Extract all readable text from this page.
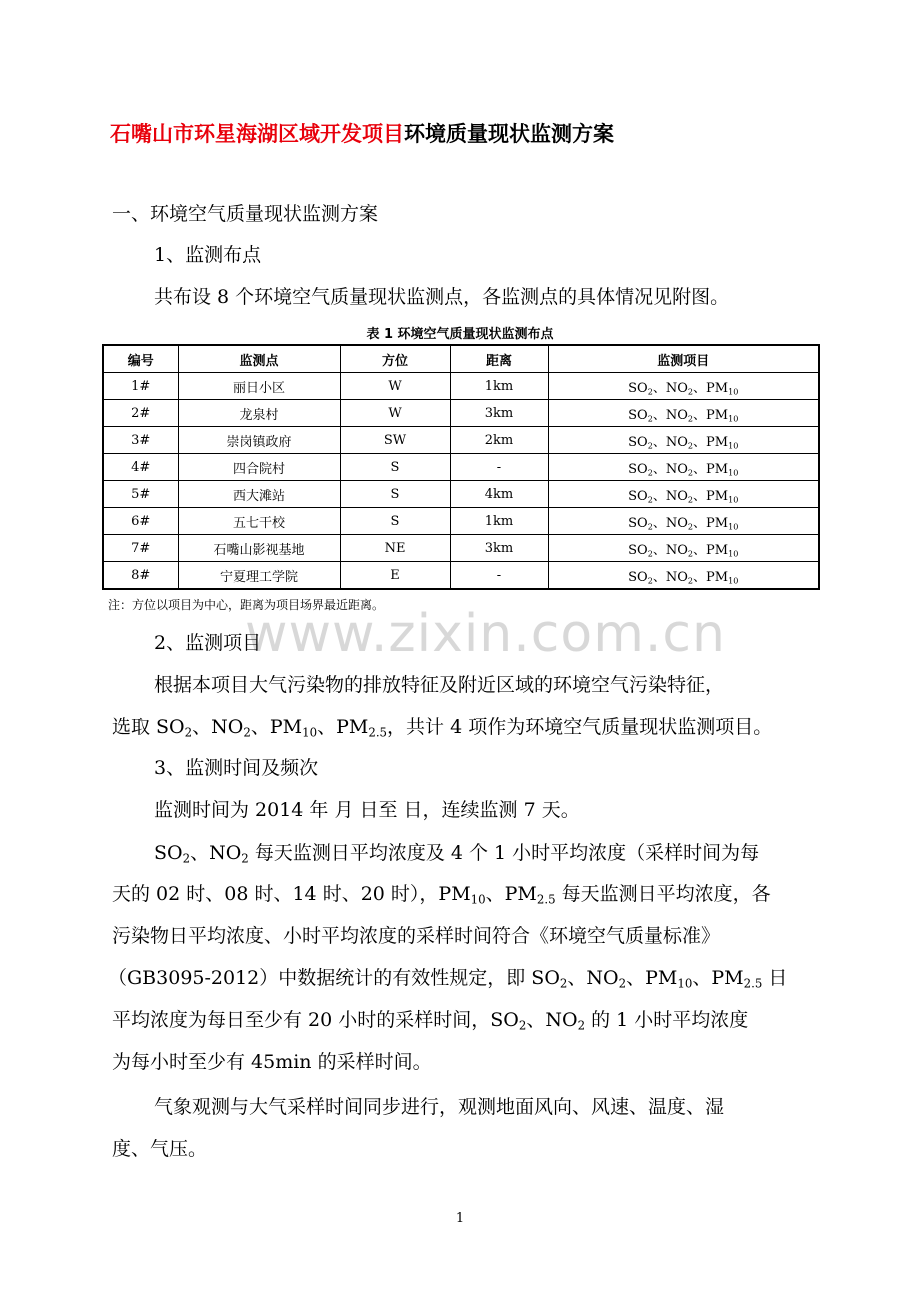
www.zixin.com.cn
石嘴山市环星海湖区域开发项目环境质量现状监测方案
一、环境空气质量现状监测方案
1、监测布点
共布设 8 个环境空气质量现状监测点，各监测点的具体情况见附图。
表 1 环境空气质量现状监测布点
编号	监测点	方位	距离	监测项目
1#	丽日小区	W	1km	$SO_2$、$NO_2$、$PM_{10}$
2#	龙泉村	W	3km	$SO_2$、$NO_2$、$PM_{10}$
3#	崇岗镇政府	SW	2km	$SO_2$、$NO_2$、$PM_{10}$
4#	四合院村	S	-	$SO_2$、$NO_2$、$PM_{10}$
5#	西大滩站	S	4km	$SO_2$、$NO_2$、$PM_{10}$
6#	五七干校	S	1km	$SO_2$、$NO_2$、$PM_{10}$
7#	石嘴山影视基地	NE	3km	$SO_2$、$NO_2$、$PM_{10}$
8#	宁夏理工学院	E	-	$SO_2$、$NO_2$、$PM_{10}$
注：方位以项目为中心，距离为项目场界最近距离。
2、监测项目
根据本项目大气污染物的排放特征及附近区域的环境空气污染特征，
选取 $SO_2$、$NO_2$、$PM_{10}$、$PM_{2.5}$，共计 4 项作为环境空气质量现状监测项目。
3、监测时间及频次
监测时间为 2014 年 月 日至 日，连续监测 7 天。
$SO_2$、$NO_2$ 每天监测日平均浓度及 4 个 1 小时平均浓度（采样时间为每
天的 02 时、08 时、14 时、20 时），$PM_{10}$、$PM_{2.5}$ 每天监测日平均浓度，各
污染物日平均浓度、小时平均浓度的采样时间符合《环境空气质量标准》
（GB3095-2012）中数据统计的有效性规定，即 $SO_2$、$NO_2$、$PM_{10}$、$PM_{2.5}$ 日
平均浓度为每日至少有 20 小时的采样时间，$SO_2$、$NO_2$ 的 1 小时平均浓度
为每小时至少有 45min 的采样时间。
气象观测与大气采样时间同步进行，观测地面风向、风速、温度、湿
度、气压。
1
